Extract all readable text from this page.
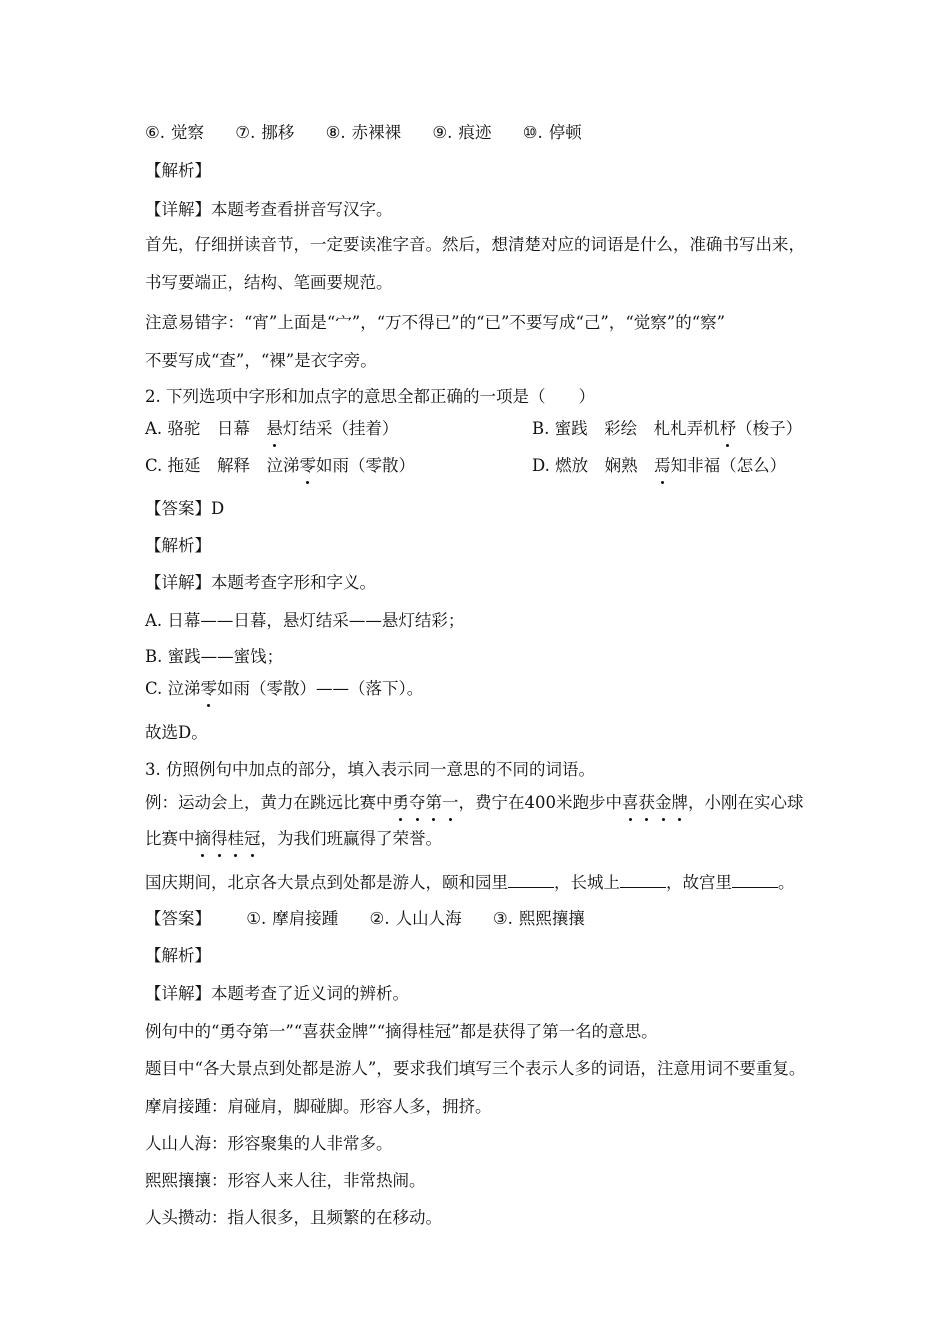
⑥. 觉察 ⑦. 挪移 ⑧. 赤裸裸 ⑨. 痕迹 ⑩. 停顿
【解析】
【详解】本题考查看拼音写汉字。
首先，仔细拼读音节，一定要读准字音。然后，想清楚对应的词语是什么，准确书写出来，
书写要端正，结构、笔画要规范。
注意易错字：“宵”上面是“宀”，“万不得已”的“已”不要写成“己”，“觉察”的“察”
不要写成“查”，“裸”是衣字旁。
2. 下列选项中字形和加点字的意思全都正确的一项是（　　）
A. 骆驼　日幕　悬灯结采（挂着）	B. 蜜践　彩绘　札札弄机杼（梭子）
C. 拖延　解释　泣涕零如雨（零散）	D. 燃放　娴熟　焉知非福（怎么）
【答案】D
【解析】
【详解】本题考查字形和字义。
A. 日幕——日暮，悬灯结采——悬灯结彩；
B. 蜜践——蜜饯；
C. 泣涕零如雨（零散）——（落下）。
故选D。
3. 仿照例句中加点的部分，填入表示同一意思的不同的词语。
例：运动会上，黄力在跳远比赛中勇夺第一，费宁在400米跑步中喜获金牌，小刚在实心球
比赛中摘得桂冠，为我们班赢得了荣誉。
国庆期间，北京各大景点到处都是游人，颐和园里	，长城上	，故宫里	。
【答案】 ①. 摩肩接踵 ②. 人山人海 ③. 熙熙攘攘
【解析】
【详解】本题考查了近义词的辨析。
例句中的“勇夺第一”“喜获金牌”“摘得桂冠”都是获得了第一名的意思。
题目中“各大景点到处都是游人”，要求我们填写三个表示人多的词语，注意用词不要重复。
摩肩接踵：肩碰肩，脚碰脚。形容人多，拥挤。
人山人海：形容聚集的人非常多。
熙熙攘攘：形容人来人往，非常热闹。
人头攒动：指人很多，且频繁的在移动。
